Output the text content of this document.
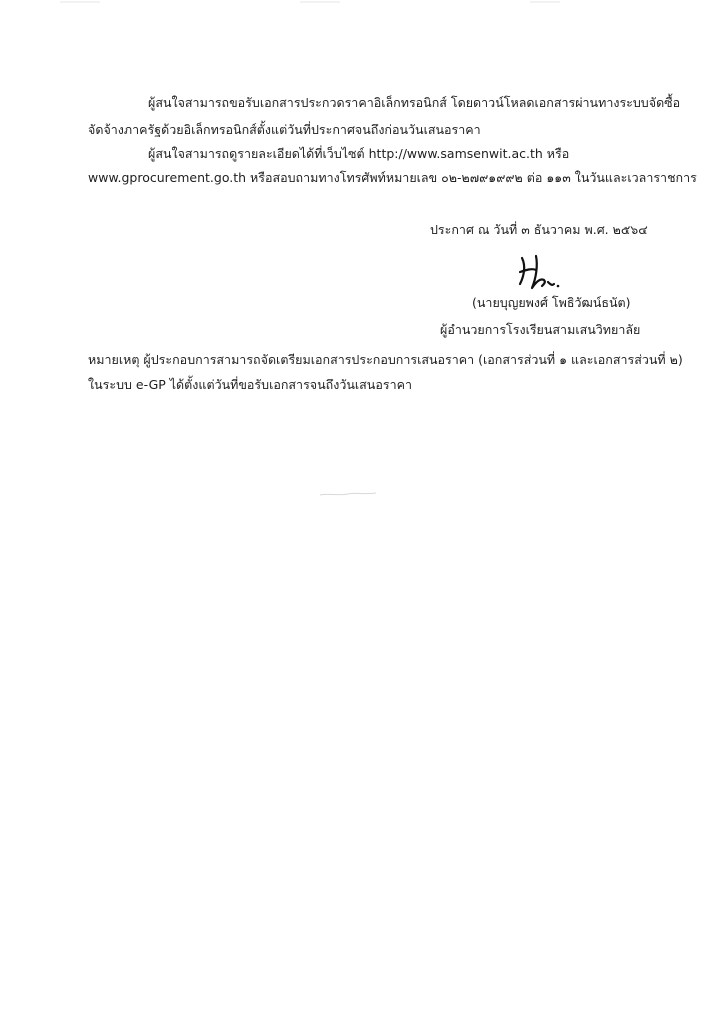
ผู้สนใจสามารถขอรับเอกสารประกวดราคาอิเล็กทรอนิกส์ โดยดาวน์โหลดเอกสารผ่านทางระบบจัดซื้อ
จัดจ้างภาครัฐด้วยอิเล็กทรอนิกส์ตั้งแต่วันที่ประกาศจนถึงก่อนวันเสนอราคา
ผู้สนใจสามารถดูรายละเอียดได้ที่เว็บไซต์ http://www.samsenwit.ac.th หรือ
www.gprocurement.go.th หรือสอบถามทางโทรศัพท์หมายเลข ๐๒-๒๗๙๑๙๙๒ ต่อ ๑๑๓ ในวันและเวลาราชการ
ประกาศ ณ วันที่ ๓ ธันวาคม พ.ศ. ๒๕๖๔
(นายบุญยพงศ์ โพธิวัฒน์ธนัต)
ผู้อำนวยการโรงเรียนสามเสนวิทยาลัย
หมายเหตุ ผู้ประกอบการสามารถจัดเตรียมเอกสารประกอบการเสนอราคา (เอกสารส่วนที่ ๑ และเอกสารส่วนที่ ๒)
ในระบบ e-GP ได้ตั้งแต่วันที่ขอรับเอกสารจนถึงวันเสนอราคา
